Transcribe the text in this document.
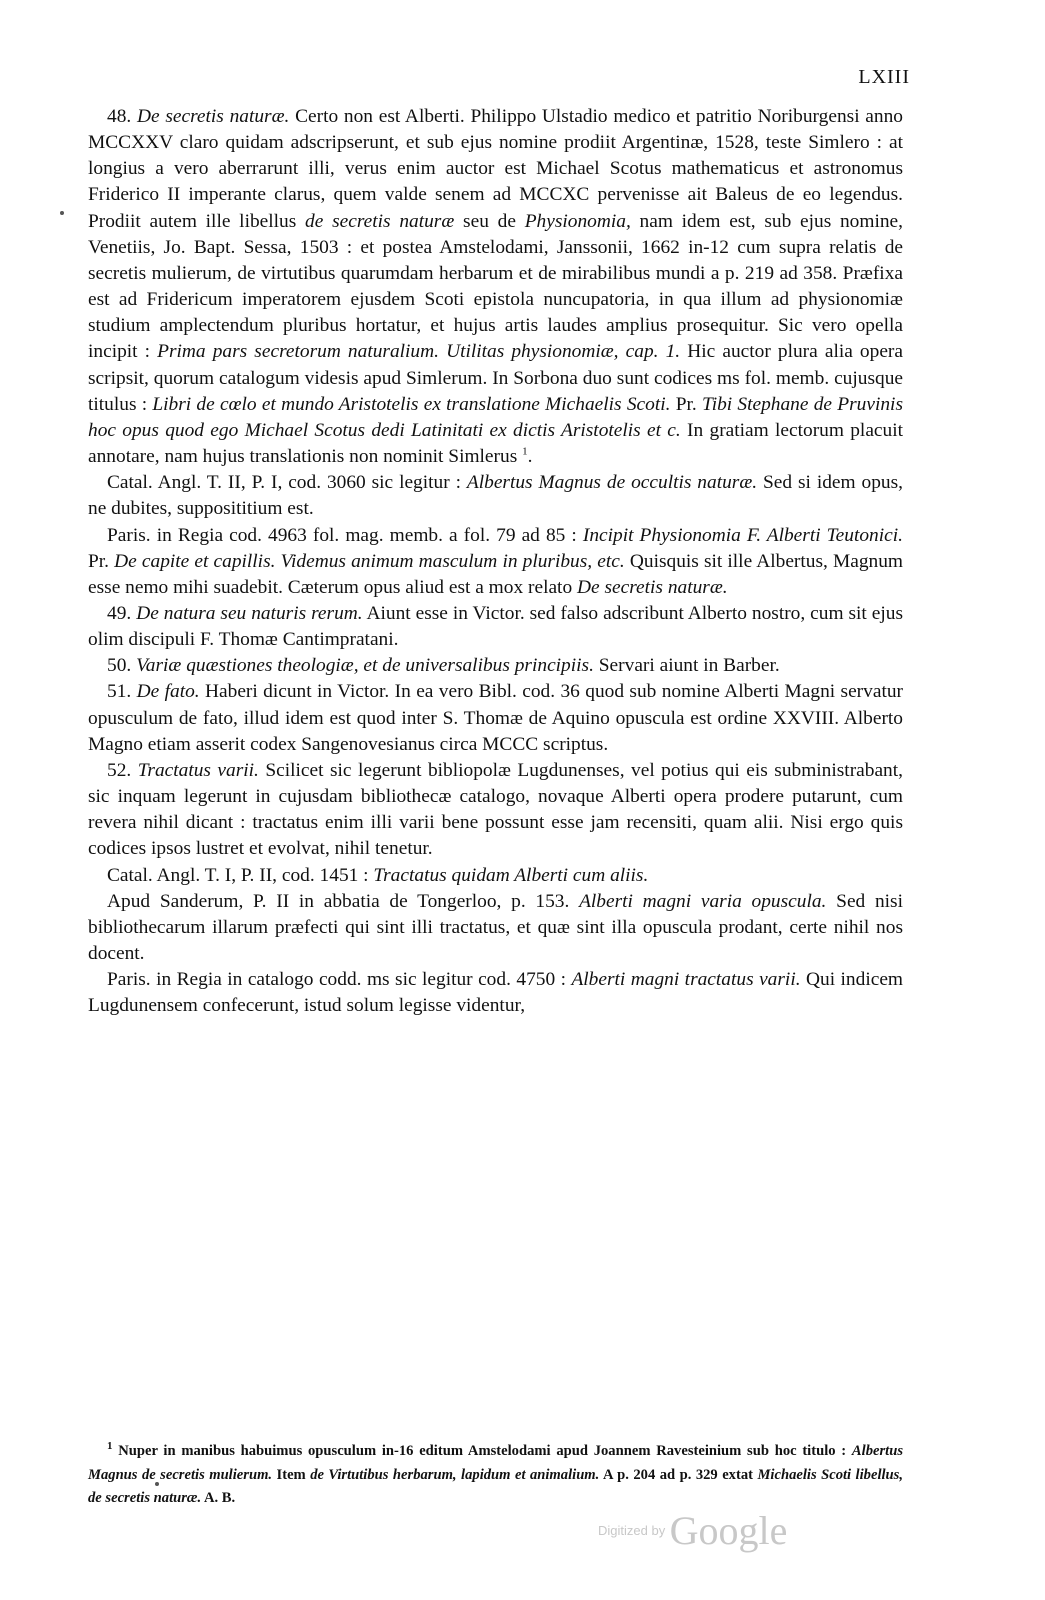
LXIII

48. De secretis naturæ. Certo non est Alberti. Philippo Ulstadio medico et patritio Noriburgensi anno MCCXXV claro quidam adscripserunt, et sub ejus nomine prodiit Argentinæ, 1528, teste Simlero : at longius a vero aberrarunt illi, verus enim auctor est Michael Scotus mathematicus et astronomus Friderico II imperante clarus, quem valde senem ad MCCXC pervenisse ait Baleus de eo legendus. Prodiit autem ille libellus de secretis naturæ seu de Physionomia, nam idem est, sub ejus nomine, Venetiis, Jo. Bapt. Sessa, 1503 : et postea Amstelodami, Janssonii, 1662 in-12 cum supra relatis de secretis mulierum, de virtutibus quarumdam herbarum et de mirabilibus mundi a p. 219 ad 358. Præfixa est ad Fridericum imperatorem ejusdem Scoti epistola nuncupatoria, in qua illum ad physionomiæ studium amplectendum pluribus hortatur, et hujus artis laudes amplius prosequitur. Sic vero opella incipit : Prima pars secretorum naturalium. Utilitas physionomiæ, cap. 1. Hic auctor plura alia opera scripsit, quorum catalogum videsis apud Simlerum. In Sorbona duo sunt codices ms fol. memb. cujusque titulus : Libri de cœlo et mundo Aristotelis ex translatione Michaelis Scoti. Pr. Tibi Stephane de Pruvinis hoc opus quod ego Michael Scotus dedi Latinitati ex dictis Aristotelis et c. In gratiam lectorum placuit annotare, nam hujus translationis non nominit Simlerus $^1$.

Catal. Angl. T. II, P. I, cod. 3060 sic legitur : Albertus Magnus de occultis naturæ. Sed si idem opus, ne dubites, supposititium est.

Paris. in Regia cod. 4963 fol. mag. memb. a fol. 79 ad 85 : Incipit Physionomia F. Alberti Teutonici. Pr. De capite et capillis. Videmus animum masculum in pluribus, etc. Quisquis sit ille Albertus, Magnum esse nemo mihi suadebit. Cæterum opus aliud est a mox relato De secretis naturæ.

49. De natura seu naturis rerum. Aiunt esse in Victor. sed falso adscribunt Alberto nostro, cum sit ejus olim discipuli F. Thomæ Cantimpratani.

50. Variæ quæstiones theologiæ, et de universalibus principiis. Servari aiunt in Barber.

51. De fato. Haberi dicunt in Victor. In ea vero Bibl. cod. 36 quod sub nomine Alberti Magni servatur opusculum de fato, illud idem est quod inter S. Thomæ de Aquino opuscula est ordine XXVIII. Alberto Magno etiam asserit codex Sangenovesianus circa MCCC scriptus.

52. Tractatus varii. Scilicet sic legerunt bibliopolæ Lugdunenses, vel potius qui eis subministrabant, sic inquam legerunt in cujusdam bibliothecæ catalogo, novaque Alberti opera prodere putarunt, cum revera nihil dicant : tractatus enim illi varii bene possunt esse jam recensiti, quam alii. Nisi ergo quis codices ipsos lustret et evolvat, nihil tenetur.

Catal. Angl. T. I, P. II, cod. 1451 : Tractatus quidam Alberti cum aliis.

Apud Sanderum, P. II in abbatia de Tongerloo, p. 153. Alberti magni varia opuscula. Sed nisi bibliothecarum illarum præfecti qui sint illi tractatus, et quæ sint illa opuscula prodant, certe nihil nos docent.

Paris. in Regia in catalogo codd. ms sic legitur cod. 4750 : Alberti magni tractatus varii. Qui indicem Lugdunensem confecerunt, istud solum legisse videntur,

$^1$ Nuper in manibus habuimus opusculum in-16 editum Amstelodami apud Joannem Ravesteinium sub hoc titulo : Albertus Magnus de secretis mulierum. Item de Virtutibus herbarum, lapidum et animalium. A p. 204 ad p. 329 extat Michaelis Scoti libellus, de secretis naturæ. A. B.

Digitized by Google
